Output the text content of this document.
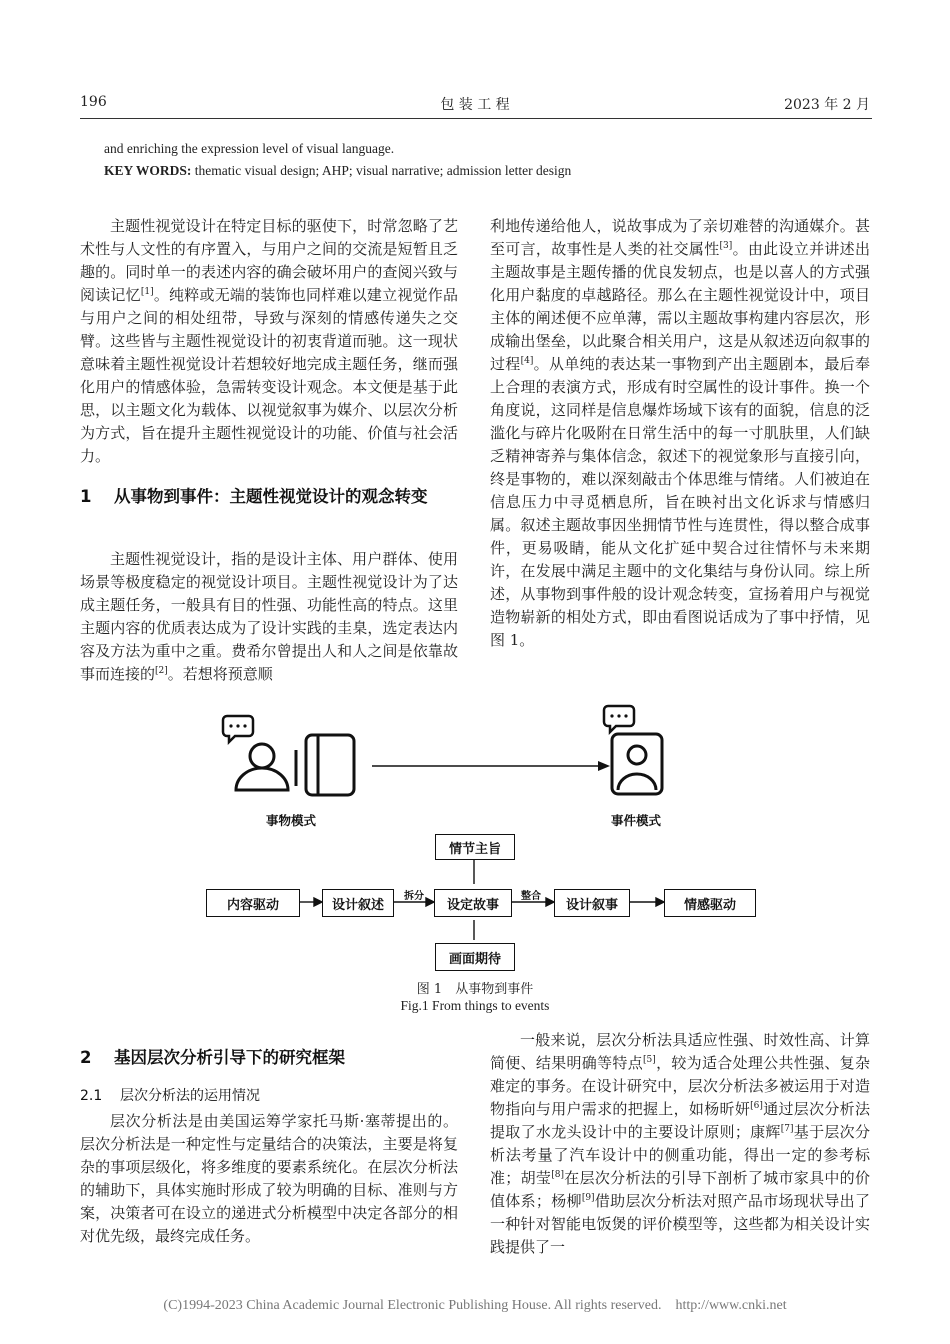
196	包 装 工 程	2023 年 2 月
and enriching the expression level of visual language.
KEY WORDS: thematic visual design; AHP; visual narrative; admission letter design

主题性视觉设计在特定目标的驱使下，时常忽略了艺术性与人文性的有序置入，与用户之间的交流是短暂且乏趣的。同时单一的表述内容的确会破坏用户的查阅兴致与阅读记忆[1]。纯粹或无端的装饰也同样难以建立视觉作品与用户之间的相处纽带，导致与深刻的情感传递失之交臂。这些皆与主题性视觉设计的初衷背道而驰。这一现状意味着主题性视觉设计若想较好地完成主题任务，继而强化用户的情感体验，急需转变设计观念。本文便是基于此思，以主题文化为载体、以视觉叙事为媒介、以层次分析为方式，旨在提升主题性视觉设计的功能、价值与社会活力。

1 从事物到事件：主题性视觉设计的观念转变

主题性视觉设计，指的是设计主体、用户群体、使用场景等极度稳定的视觉设计项目。主题性视觉设计为了达成主题任务，一般具有目的性强、功能性高的特点。这里主题内容的优质表达成为了设计实践的圭臬，选定表达内容及方法为重中之重。费希尔曾提出人和人之间是依靠故事而连接的[2]。若想将预意顺

利地传递给他人，说故事成为了亲切难替的沟通媒介。甚至可言，故事性是人类的社交属性[3]。由此设立并讲述出主题故事是主题传播的优良发轫点，也是以喜人的方式强化用户黏度的卓越路径。那么在主题性视觉设计中，项目主体的阐述便不应单薄，需以主题故事构建内容层次，形成输出堡垒，以此聚合相关用户，这是从叙述迈向叙事的过程[4]。从单纯的表达某一事物到产出主题剧本，最后奉上合理的表演方式，形成有时空属性的设计事件。换一个角度说，这同样是信息爆炸场域下该有的面貌，信息的泛滥化与碎片化吸附在日常生活中的每一寸肌肤里，人们缺乏精神寄养与集体信念，叙述下的视觉象形与直接引向，终是事物的，难以深刻敲击个体思维与情绪。人们被迫在信息压力中寻觅栖息所，旨在映衬出文化诉求与情感归属。叙述主题故事因坐拥情节性与连贯性，得以整合成事件，更易吸睛，能从文化扩延中契合过往情怀与未来期许，在发展中满足主题中的文化集结与身份认同。综上所述，从事物到事件般的设计观念转变，宣扬着用户与视觉造物崭新的相处方式，即由看图说话成为了事中抒情，见图 1。

事物模式	事件模式
情节主旨
内容驱动	设计叙述	设定故事	设计叙事	情感驱动
画面期待
拆分	整合
图 1　从事物到事件
Fig.1 From things to events
2 基因层次分析引导下的研究框架
2.1 层次分析法的运用情况

层次分析法是由美国运筹学家托马斯·塞蒂提出的。层次分析法是一种定性与定量结合的决策法，主要是将复杂的事项层级化，将多维度的要素系统化。在层次分析法的辅助下，具体实施时形成了较为明确的目标、准则与方案，决策者可在设立的递进式分析模型中决定各部分的相对优先级，最终完成任务。

一般来说，层次分析法具适应性强、时效性高、计算简便、结果明确等特点[5]，较为适合处理公共性强、复杂难定的事务。在设计研究中，层次分析法多被运用于对造物指向与用户需求的把握上，如杨昕妍[6]通过层次分析法提取了水龙头设计中的主要设计原则；康辉[7]基于层次分析法考量了汽车设计中的侧重功能，得出一定的参考标准；胡莹[8]在层次分析法的引导下剖析了城市家具中的价值体系；杨柳[9]借助层次分析法对照产品市场现状导出了一种针对智能电饭煲的评价模型等，这些都为相关设计实践提供了一

(C)1994-2023 China Academic Journal Electronic Publishing House. All rights reserved. http://www.cnki.net
